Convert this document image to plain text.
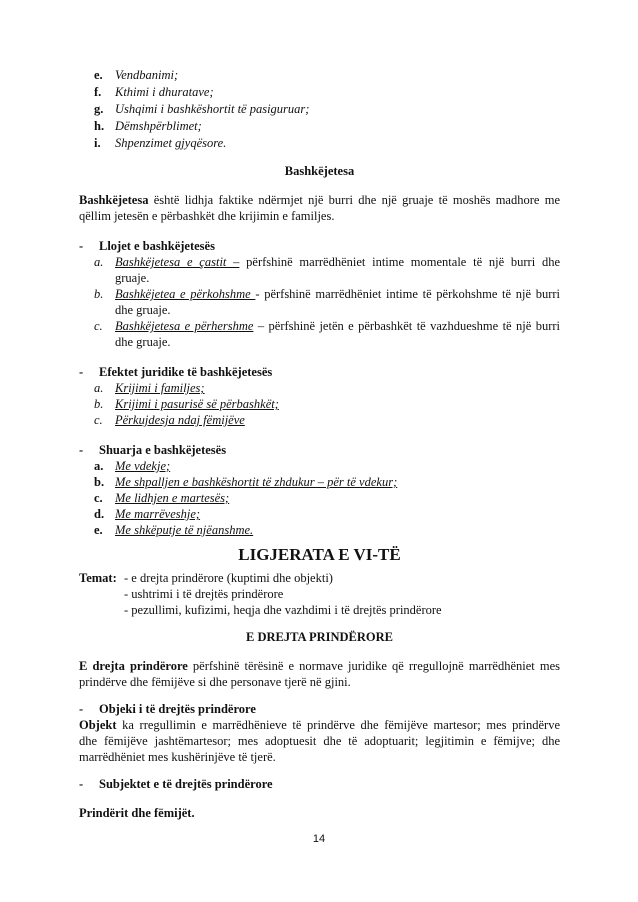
e. Vendbanimi;
f. Kthimi i dhuratave;
g. Ushqimi i bashkëshortit të pasiguruar;
h. Dëmshpërblimet;
i. Shpenzimet gjyqësore.
Bashkëjetesa
Bashkëjetesa është lidhja faktike ndërmjet një burri dhe një gruaje të moshës madhore me
qëllim jetesën e përbashkët dhe krijimin e familjes.
- Llojet e bashkëjetesës
a. Bashkëjetesa e çastit – përfshinë marrëdhëniet intime momentale të një burri dhe
gruaje.
b. Bashkëjetea e përkohshme - përfshinë marrëdhëniet intime të përkohshme të një burri
dhe gruaje.
c. Bashkëjetesa e përhershme – përfshinë jetën e përbashkët të vazhdueshme të një burri
dhe gruaje.
- Efektet juridike të bashkëjetesës
a. Krijimi i familjes;
b. Krijimi i pasurisë së përbashkët;
c. Përkujdesja ndaj fëmijëve
- Shuarja e bashkëjetesës
a. Me vdekje;
b. Me shpalljen e bashkëshortit të zhdukur – për të vdekur;
c. Me lidhjen e martesës;
d. Me marrëveshje;
e. Me shkëputje të njëanshme.
LIGJERATA E VI-TË
Temat: - e drejta prindërore (kuptimi dhe objekti)
- ushtrimi i të drejtës prindërore
- pezullimi, kufizimi, heqja dhe vazhdimi i të drejtës prindërore
E DREJTA PRINDËRORE
E drejta prindërore përfshinë tërësinë e normave juridike që rregullojnë marrëdhëniet mes
prindërve dhe fëmijëve si dhe personave tjerë në gjini.
- Objeki i të drejtës prindërore
Objekt ka rregullimin e marrëdhënieve të prindërve dhe fëmijëve martesor; mes prindërve
dhe fëmijëve jashtëmartesor; mes adoptuesit dhe të adoptuarit; legjitimin e fëmijve; dhe
marrëdhëniet mes kushërinjëve të tjerë.
- Subjektet e të drejtës prindërore
Prindërit dhe fëmijët.
14
